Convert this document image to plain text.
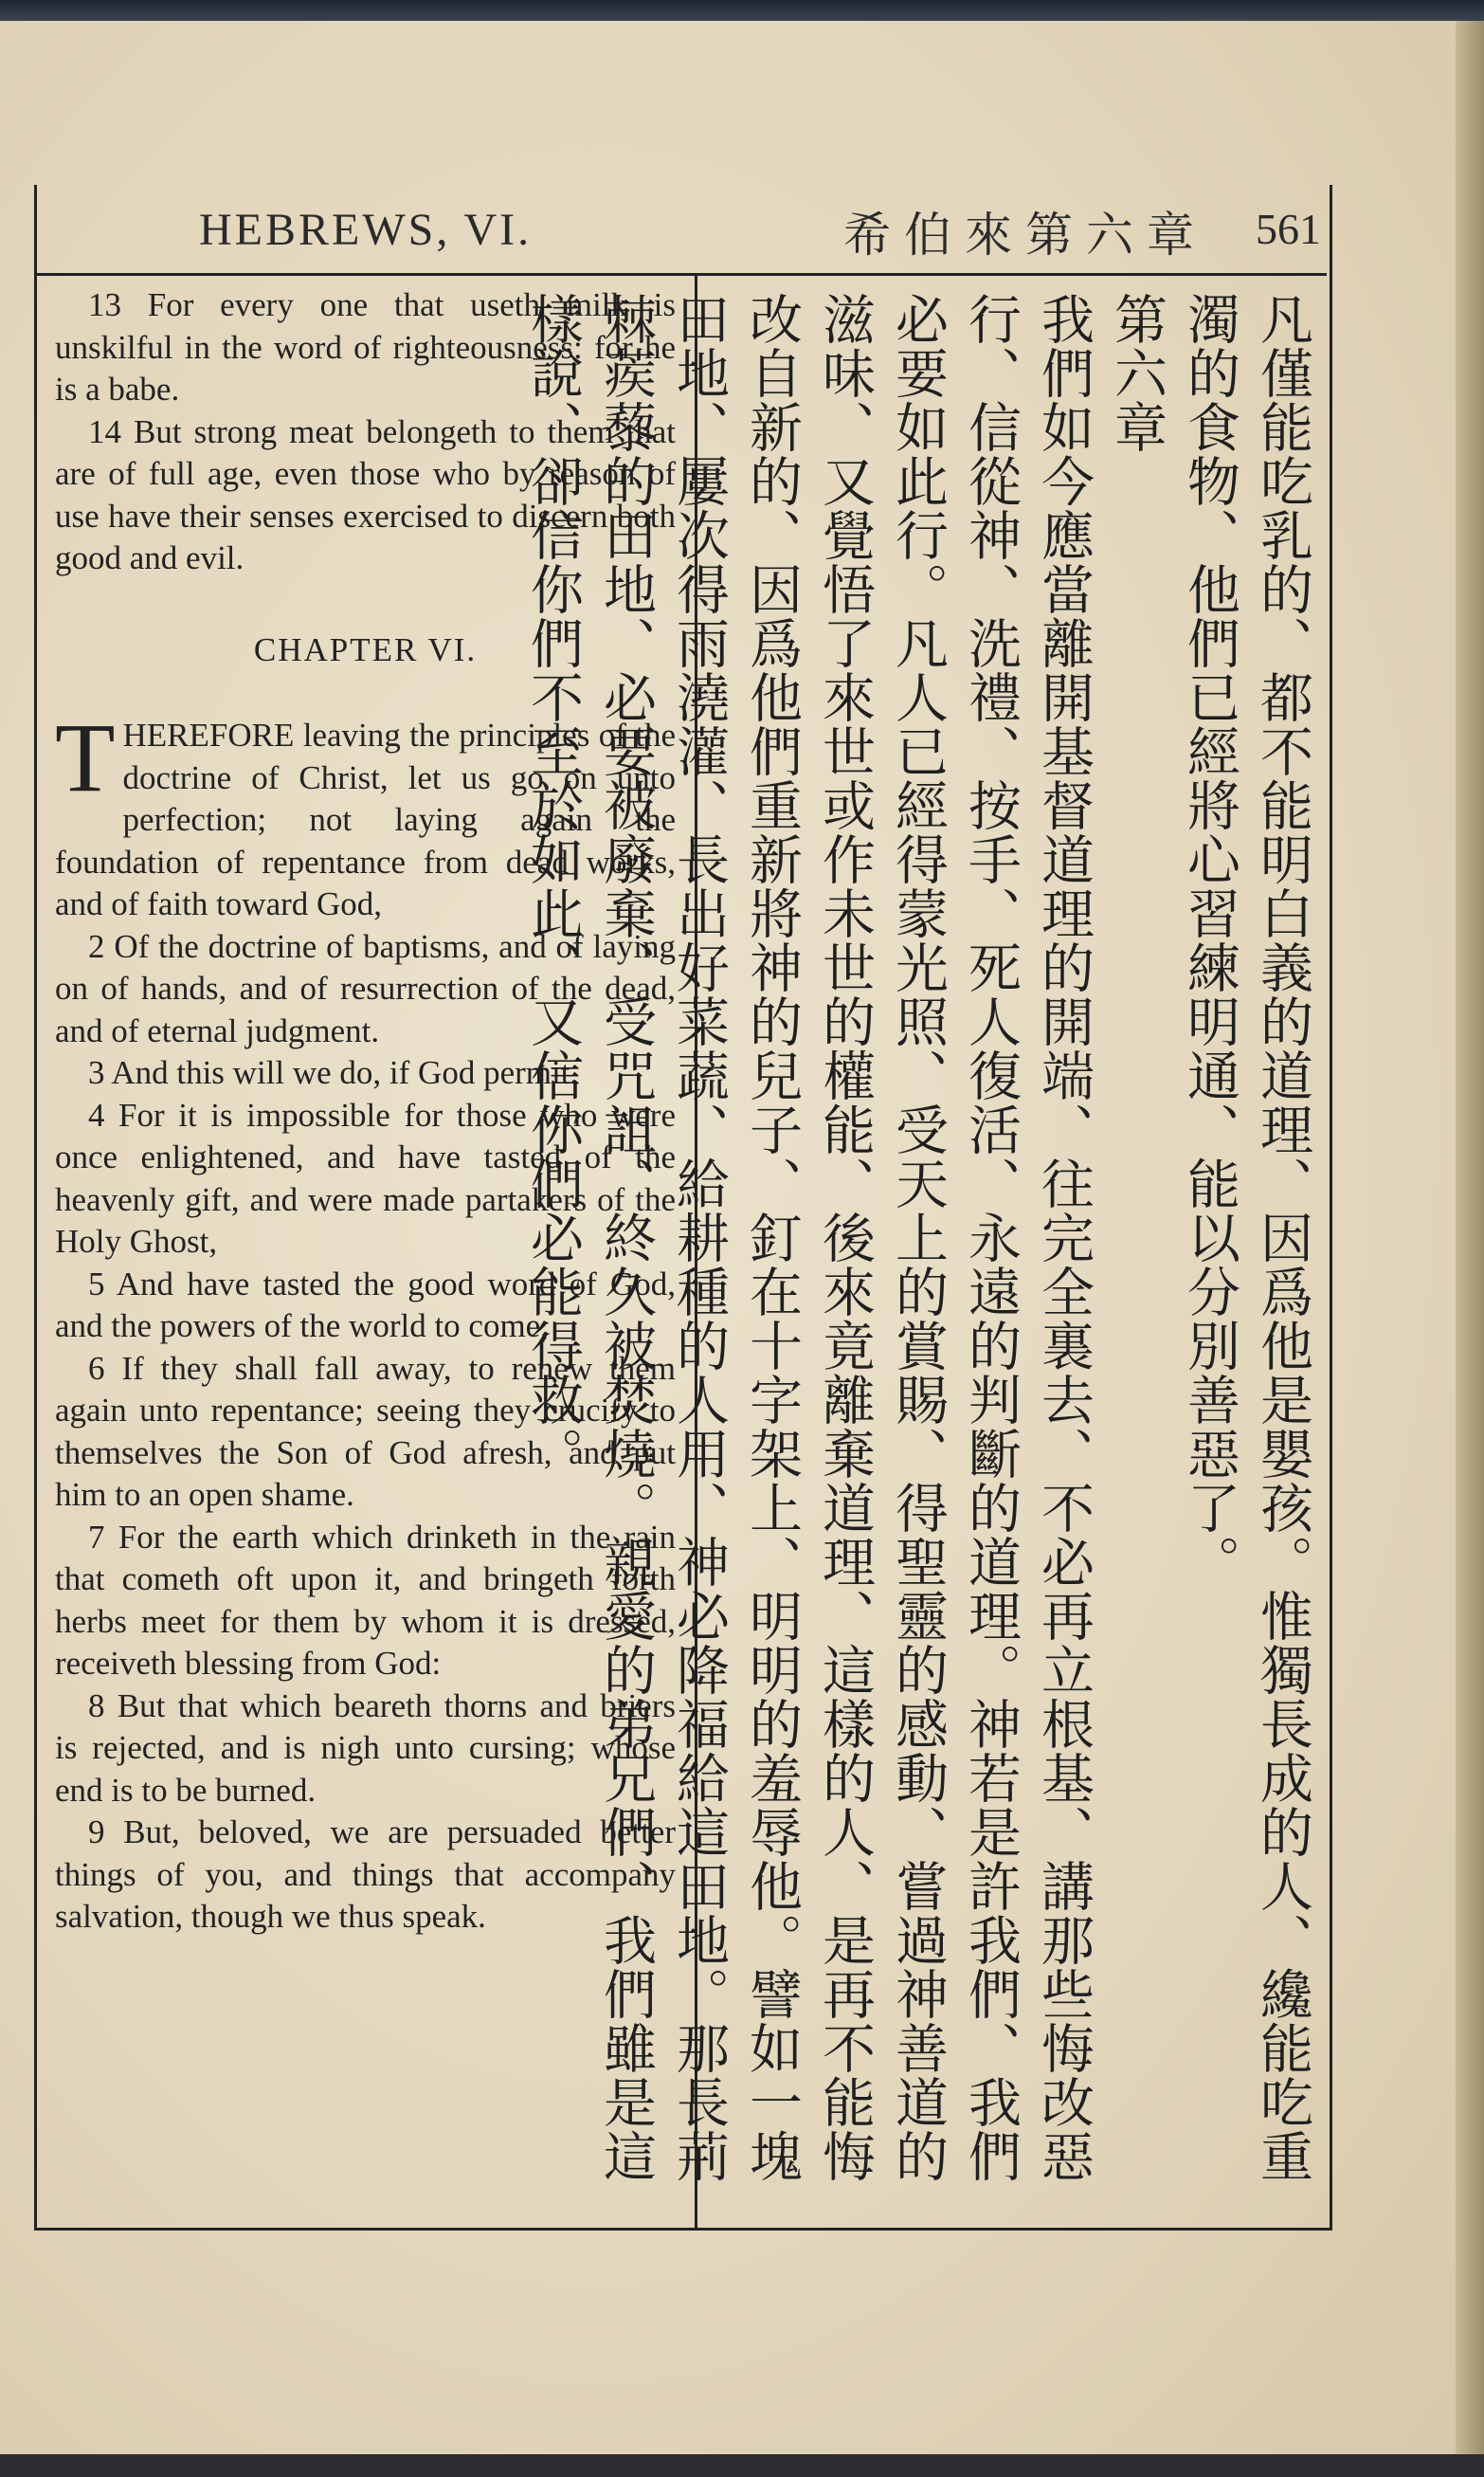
HEBREWS, VI.	希伯來第六章 561

13 For every one that useth milk is unskilful in the word of righteousness: for he is a babe.

14 But strong meat belongeth to them that are of full age, even those who by reason of use have their senses exercised to discern both good and evil.

CHAPTER VI.

THEREFORE leaving the principles of the doctrine of Christ, let us go on unto perfection; not laying again the foundation of repentance from dead works, and of faith toward God,

2 Of the doctrine of baptisms, and of laying on of hands, and of resurrection of the dead, and of eternal judgment.

3 And this will we do, if God permit.

4 For it is impossible for those who were once enlightened, and have tasted of the heavenly gift, and were made partakers of the Holy Ghost,

5 And have tasted the good word of God, and the powers of the world to come,

6 If they shall fall away, to renew them again unto repentance; seeing they crucify to themselves the Son of God afresh, and put him to an open shame.

7 For the earth which drinketh in the rain that cometh oft upon it, and bringeth forth herbs meet for them by whom it is dressed, receiveth blessing from God:

8 But that which beareth thorns and briers is rejected, and is nigh unto cursing; whose end is to be burned.

9 But, beloved, we are persuaded better things of you, and things that accompany salvation, though we thus speak.

凡僅能吃乳的、都不能明白義的道理、因爲他是嬰孩。惟獨長成的人、纔能吃重濁的食物、他們已經將心習練明通、能以分別善惡了。

第六章

我們如今應當離開基督道理的開端、往完全裏去、不必再立根基、講那些悔改惡行、信從神、洗禮、按手、死人復活、永遠的判斷的道理。神若是許我們、我們必要如此行。凡人已經得蒙光照、受天上的賞賜、得聖靈的感動、嘗過神善道的滋味、又覺悟了來世或作未世的權能、後來竟離棄道理、這樣的人、是再不能悔改自新的、因爲他們重新將神的兒子、釘在十字架上、明明的羞辱他。譬如一塊田地、屢次得雨澆灌、長出好菜蔬、給耕種的人用、神必降福給這田地。那長荊棘蒺藜的田地、必要被廢棄、受咒詛、終久被焚燒。親愛的弟兄們、我們雖是這樣說、卻信你們不至於如此、又信你們必能得救。
